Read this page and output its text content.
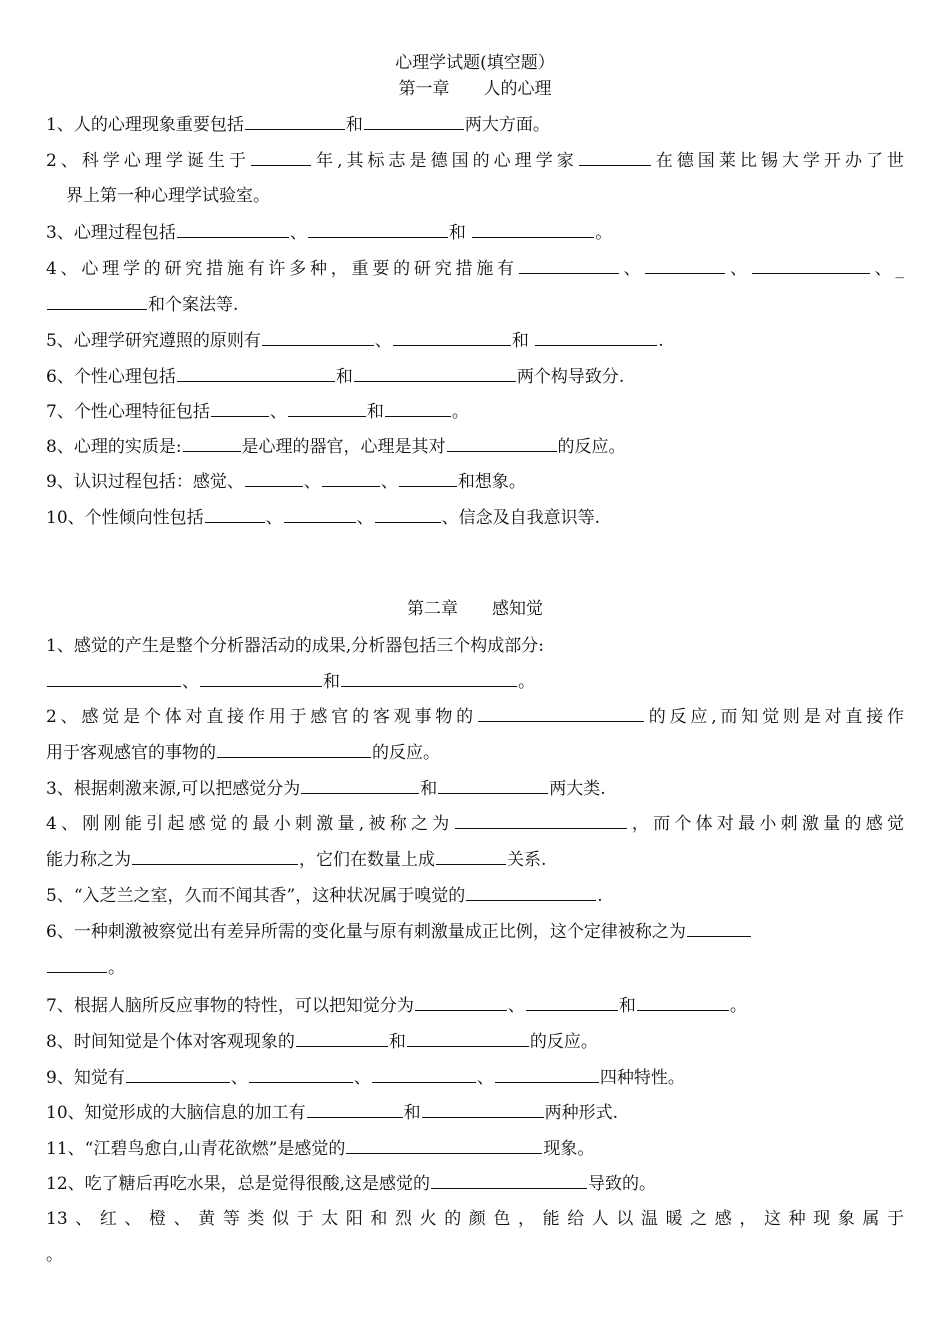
心理学试题(填空题）
第一章　　人的心理
1、人的心理现象重要包括	和	两大方面。
2、科学心理学诞生于	年,其标志是德国的心理学家	在德国莱比锡大学开办了世
界上第一种心理学试验室。
3、心理过程包括	、	和	。
4、心理学的研究措施有许多种，重要的研究措施有	、	、	、_
和个案法等.
5、心理学研究遵照的原则有	、	和	.
6、个性心理包括	和	两个构导致分.
7、个性心理特征包括	、	和	。
8、心理的实质是:	是心理的器官，心理是其对	的反应。
9、认识过程包括：感觉、	、	、	和想象。
10、个性倾向性包括	、	、	、信念及自我意识等.
第二章　　感知觉
1、感觉的产生是整个分析器活动的成果,分析器包括三个构成部分:
、	和	。
2、感觉是个体对直接作用于感官的客观事物的	的反应,而知觉则是对直接作
用于客观感官的事物的	的反应。
3、根据刺激来源,可以把感觉分为	和	两大类.
4、刚刚能引起感觉的最小刺激量,被称之为	，而个体对最小刺激量的感觉
能力称之为	，它们在数量上成	关系.
5、“入芝兰之室，久而不闻其香”，这种状况属于嗅觉的	.
6、一种刺激被察觉出有差异所需的变化量与原有刺激量成正比例，这个定律被称之为
。
7、根据人脑所反应事物的特性，可以把知觉分为	、	和	。
8、时间知觉是个体对客观现象的	和	的反应。
9、知觉有	、	、	、	四种特性。
10、知觉形成的大脑信息的加工有	和	两种形式.
11、“江碧鸟愈白,山青花欲燃”是感觉的	现象。
12、吃了糖后再吃水果，总是觉得很酸,这是感觉的	导致的。
13、红、橙、黄等类似于太阳和烈火的颜色，能给人以温暖之感，这种现象属于
。
